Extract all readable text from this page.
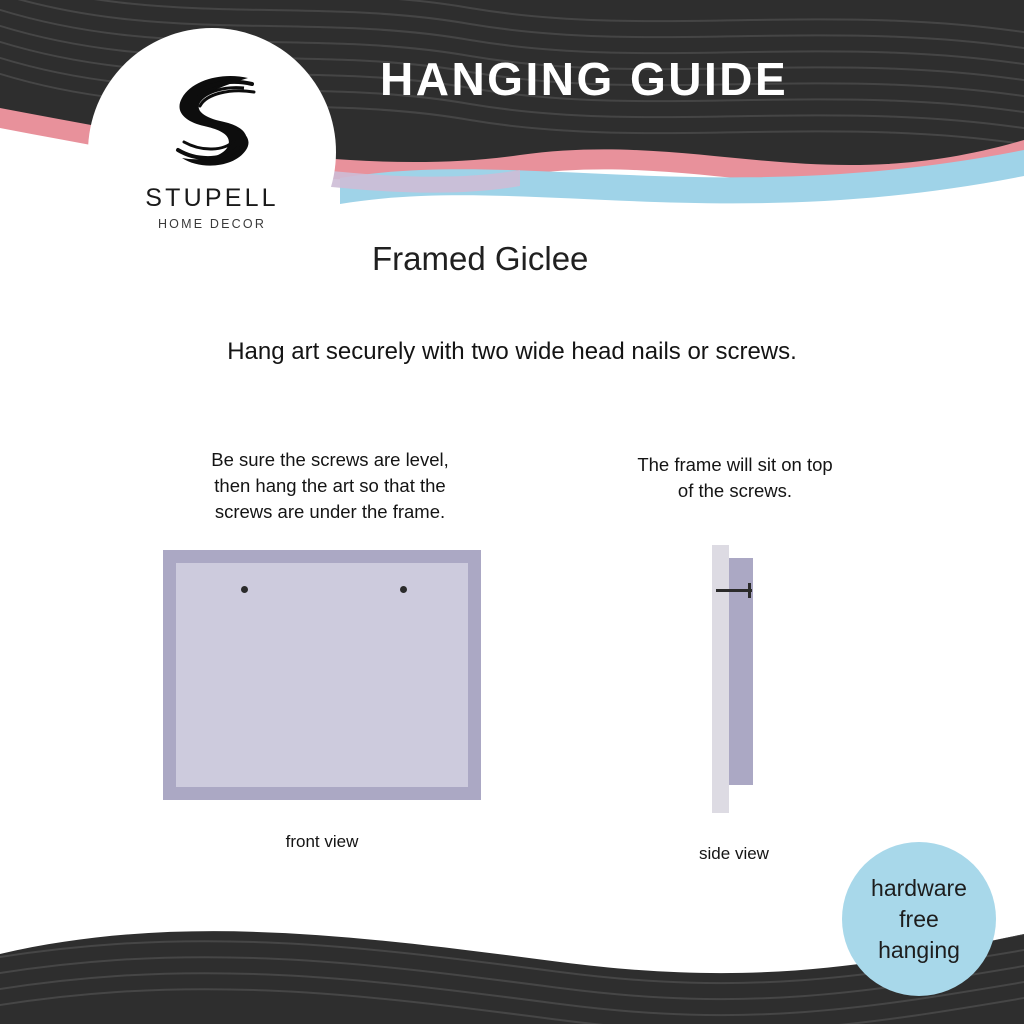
STUPELL
HOME DECOR
HANGING GUIDE
Framed Giclee
Hang art securely with two wide head nails or screws.
Be sure the screws are level,
then hang the art so that the
screws are under the frame.
front view
The frame will sit on top
of the screws.
side view
hardware
free
hanging
